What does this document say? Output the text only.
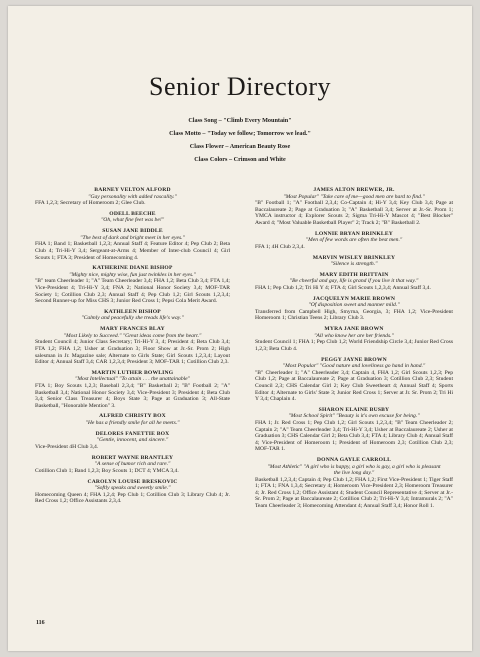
Senior Directory
Class Song – "Climb Every Mountain"
Class Motto – "Today we follow; Tomorrow we lead."
Class Flower – American Beauty Rose
Class Colors – Crimson and White
BARNEY VELTON ALFORD
"Gay personality with added rascality."
FFA 1,2,3; Secretary of Homeroom 2; Glee Club.
ODELL BEECHE
"Oh, what fine feet was be!"
SUSAN JANE BIDDLE
"The best of dark and bright meet in her eyes."
FHA 1; Band 1; Basketball 1,2,3; Annual Staff 4; Feature Editor 4; Pep Club 2; Beta Club 4; Tri-Hi-Y 3,4; Sergeant-at-Arms 4; Member of Inter-club Council 4; Girl Scouts 1; FTA 3; President of Homecoming 4.
KATHERINE DIANE BISHOP
"Mighty nice, mighty wise, fun just twinkles in her eyes."
"B" team Cheerleader 1; "A" Team Cheerleader 3,4; FHA 1,2; Beta Club 3,4; FTA 1,4; Vice-President 4; Tri-Hi-Y 3,4; FNA 2; National Honor Society 3,4; MOF-TAR Society 1; Cotillion Club 2,3; Annual Staff 4; Pep Club 1,2; Girl Scouts 1,2,3,4; Second Runner-up for Miss CHS 3; Junior Red Cross 1; Pepsi Cola Merit Award.
KATHLEEN BISHOP
"Calmly and peacefully she treads life's way."
MARY FRANCES BLAY
"Most Likely to Succeed." "Great ideas come from the heart."
Student Council 4; Junior Class Secretary; Tri-Hi-Y 3, 4; President 4; Beta Club 3,4; FTA 1,2; FHA 1,2; Usher at Graduation 3; Floor Show at Jr.-Sr. Prom 2; High salesman in Jr. Magazine sale; Alternate to Girls State; Girl Scouts 1,2,3,4; Layout Editor 4; Annual Staff 3,4; CAR 1,2,3,4; President 3; MOF-TAR 1; Cotillion Club 2,3.
MARTIN LUTHER BOWLING
"Most Intellectual" "To attain . . . the unattainable"
FTA 1; Boy Scouts 1,2,3; Baseball 2,3,4; "B" Basketball 2; "B" Football 2; "A" Basketball 3,4; National Honor Society 3,4; Vice-President 3; President 4; Beta Club 3,4; Senior Class Treasurer 4; Boys State 3; Page at Graduation 3; All-State Basketball, "Honorable Mention" 3.
ALFRED CHRISTY BOX
"He has a friendly smile for all he meets."
DELORES FANETTIE BOX
"Gentle, innocent, and sincere."
Vice-President 4H Club 3,4.
ROBERT WAYNE BRANTLEY
"A sense of humor rich and rare."
Cotillion Club 1; Band 1,2,3; Boy Scouts 1; DCT 4; YMCA 3,4.
CAROLYN LOUISE BRESKOVIC
"Softly speaks and sweetly smile."
Homecoming Queen 4; FHA 1,2,4; Pep Club 1; Cotillion Club 3; Library Club 4; Jr. Red Cross 1,2; Office Assistants 2,3,4.
JAMES ALTON BREWER, JR.
"Most Popular" "Take care of me—good men are hard to find."
"B" Football 1; "A" Football 2,3,4; Co-Captain 4; Hi-Y 3,4; Key Club 3,4; Page at Baccalaureate 2; Page at Graduation 3; "A" Basketball 3,4; Server at Jr.-Sr. Prom 1; YMCA instructor 4; Explorer Scouts 2; Sigma Tri-Hi-Y Mascot 4; "Best Blocker" Award 4; "Most Valuable Basketball Player" 2; Track 2; "B" Basketball 2.
LONNIE BRYAN BRINKLEY
"Men of few words are often the best men."
FFA 1; 4H Club 2,3,4.
MARVIN WISLEY BRINKLEY
"Silence is strength."
MARY EDITH BRITTAIN
"Be cheerful and gay, life is grand if you live it that way."
FHA 1; Pep Club 1,2; Tri Hi Y 4; FTA 4; Girl Scouts 1,2,3,4; Annual Staff 3,4.
JACQUELYN MARIE BROWN
"Of disposition sweet and manner mild."
Transferred from Campbell High, Smyrna, Georgia, 3; FHA 1,2; Vice-President Homeroom 1; Christian Teens 2; Library Club 3.
MYRA JANE BROWN
"All who know her are her friends."
Student Council 1; FHA 1; Pep Club 1,2; World Friendship Circle 3,4; Junior Red Cross 1,2,3; Beta Club 4.
PEGGY JAYNE BROWN
"Most Popular" "Good nature and loveliness go hand in hand."
"B" Cheerleader 1; "A" Cheerleader 3,4; Captain 4, FHA 1,2; Girl Scouts 1,2,3; Pep Club 1,2; Page at Baccalaureate 2; Page at Graduation 3; Cotillion Club 2,3; Student Council 2,3; CHS Calendar Girl 2; Key Club Sweetheart 4; Annual Staff 4; Sports Editor 4; Alternate to Girls' State 3; Junior Red Cross 1; Server at Jr. Sr. Prom 2; Tri Hi Y 3,4; Chaplain 4.
SHARON ELAINE BUSBY
"Most School Spirit" "Beauty is it's own excuse for being."
FHA 1; Jr. Red Cross 1; Pep Club 1,2; Girl Scouts 1,2,3,4; "B" Team Cheerleader 2; Captain 2; "A" Team Cheerleader 3,4; Tri-Hi-Y 3,4; Usher at Baccalaureate 2; Usher at Graduation 3; CHS Calendar Girl 2; Beta Club 3,4; FTA 4; Library Club 4; Annual Staff 4; Vice-President of Homeroom 1; President of Homeroom 2,3; Cotillion Club 2,3; MOF-TAR 1.
DONNA GAYLE CARROLL
"Most Athletic" "A girl who is happy, a girl who is gay, a girl who is pleasant the live long day."
Basketball 1,2,3,4; Captain 4; Pep Club 1,2; FHA 1,2; First Vice-President 1; Tiger Staff 1; FTA 1; FNA 1,3,4; Secretary 4; Homeroom Vice-President 2,3; Homeroom Treasurer 4; Jr. Red Cross 1,2; Office Assistant 4; Student Council Representative 4; Server at Jr.-Sr. Prom 2; Page at Baccalaureate 2; Cotillion Club 2; Tri-Hi-Y 3,4; Intramurals 2; "A" Team Cheerleader 3; Homecoming Attendant 4; Annual Staff 3,4; Honor Roll 1.
116
